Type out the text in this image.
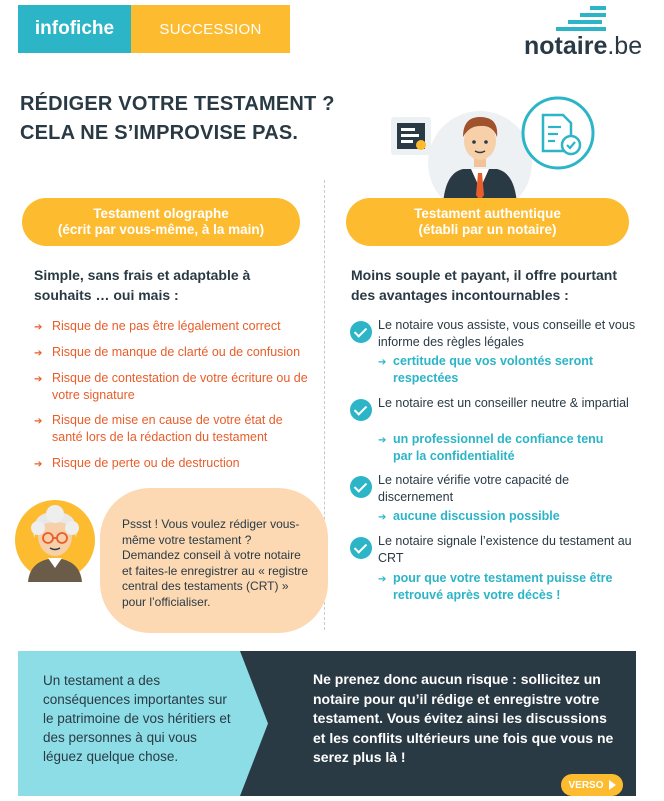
infofiche	SUCCESSION
notaire.be
RÉDIGER VOTRE TESTAMENT ?
CELA NE S’IMPROVISE PAS.
Testament olographe
(écrit par vous-même, à la main)
Simple, sans frais et adaptable à souhaits … oui mais :
➔ Risque de ne pas être légalement correct
➔ Risque de manque de clarté ou de confusion
➔ Risque de contestation de votre écriture ou de votre signature
➔ Risque de mise en cause de votre état de santé lors de la rédaction du testament
➔ Risque de perte ou de destruction
Testament authentique
(établi par un notaire)
Moins souple et payant, il offre pourtant des avantages incontournables :
Le notaire vous assiste, vous conseille et vous informe des règles légales
➔ certitude que vos volontés seront respectées
Le notaire est un conseiller neutre & impartial
➔ un professionnel de confiance tenu par la confidentialité
Le notaire vérifie votre capacité de discernement
➔ aucune discussion possible
Le notaire signale l’existence du testament au CRT
➔ pour que votre testament puisse être retrouvé après votre décès !
Pssst ! Vous voulez rédiger vous-même votre testament ? Demandez conseil à votre notaire et faites-le enregistrer au « registre central des testaments (CRT) » pour l’officialiser.
Un testament a des conséquences importantes sur le patrimoine de vos héritiers et des personnes à qui vous léguez quelque chose.
Ne prenez donc aucun risque : sollicitez un notaire pour qu’il rédige et enregistre votre testament. Vous évitez ainsi les discussions et les conflits ultérieurs une fois que vous ne serez plus là !
VERSO
